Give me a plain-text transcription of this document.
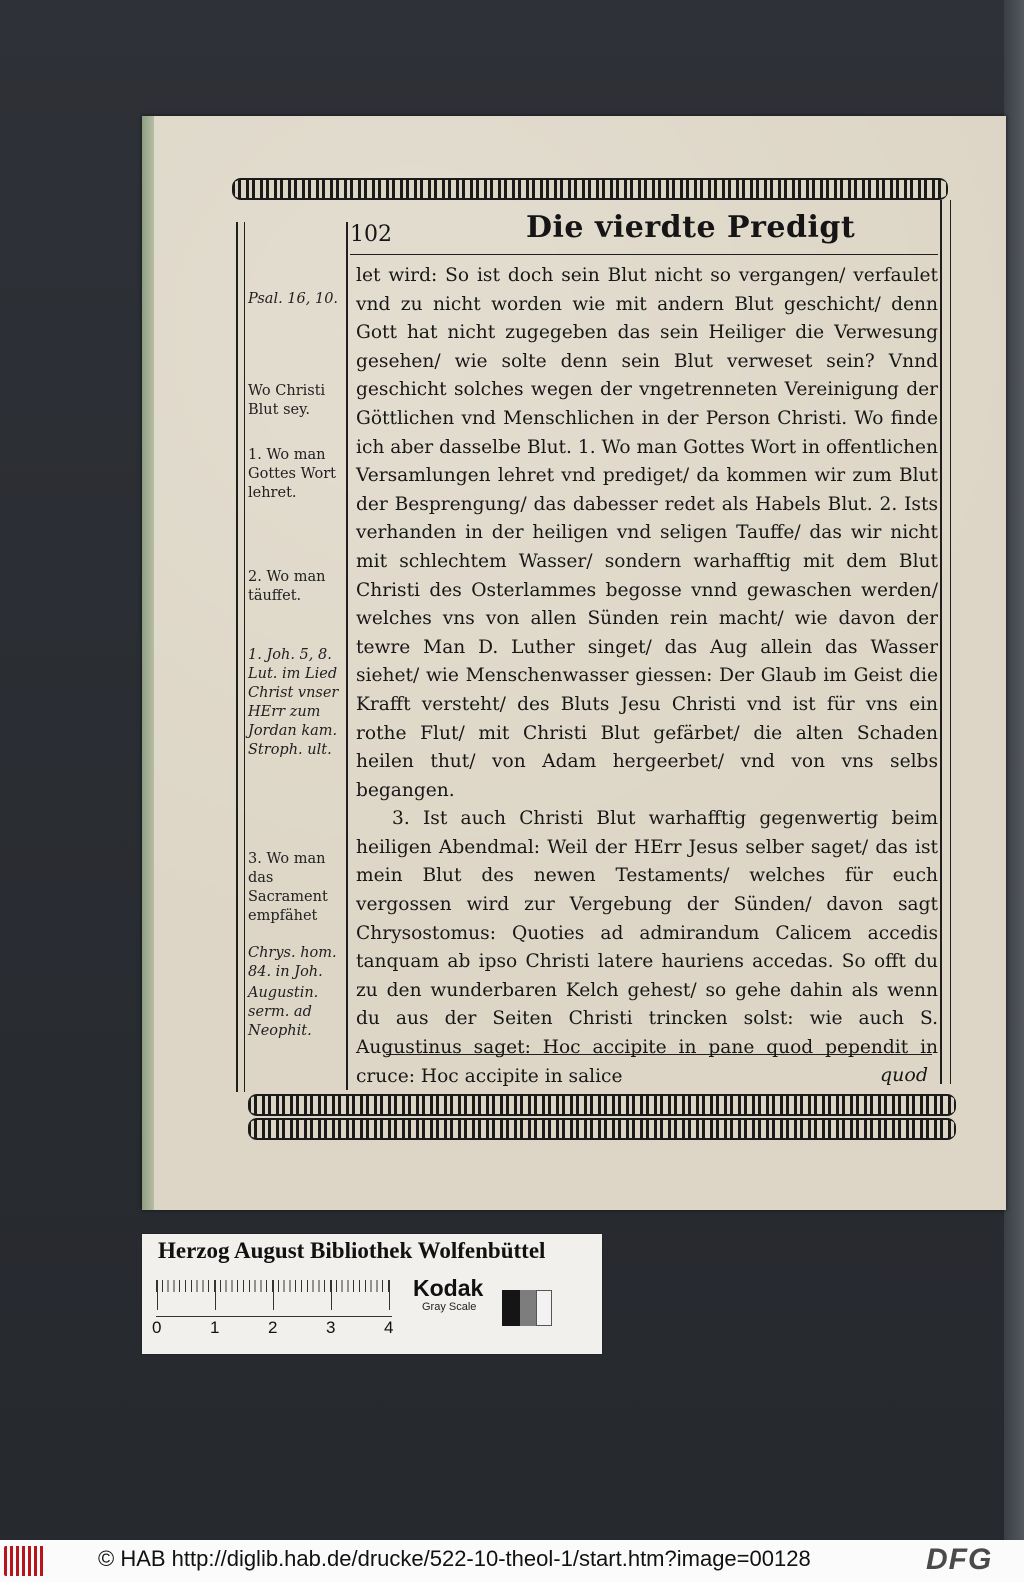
102	Die vierdte Predigt
Psal. 16, 10.
Wo Christi Blut sey.
1. Wo man Gottes Wort lehret.
2. Wo man täuffet.
1. Joh. 5, 8. Lut. im Lied Christ vnser HErr zum Jordan kam. Stroph. ult.
3. Wo man das Sacrament empfähet
Chrys. hom. 84. in Joh.
Augustin. serm. ad Neophit.

let wird: So ist doch sein Blut nicht so vergangen/ verfaulet vnd zu nicht worden wie mit andern Blut geschicht/ denn Gott hat nicht zugegeben das sein Heiliger die Verwesung gesehen/ wie solte denn sein Blut verweset sein? Vnnd geschicht solches wegen der vngetrenneten Vereinigung der Göttlichen vnd Menschlichen in der Person Christi. Wo finde ich aber dasselbe Blut. 1. Wo man Gottes Wort in offentlichen Versamlungen lehret vnd prediget/ da kommen wir zum Blut der Besprengung/ das dabesser redet als Habels Blut. 2. Ists verhanden in der heiligen vnd seligen Tauffe/ das wir nicht mit schlechtem Wasser/ sondern warhafftig mit dem Blut Christi des Osterlammes begosse vnnd gewaschen werden/ welches vns von allen Sünden rein macht/ wie davon der tewre Man D. Luther singet/ das Aug allein das Wasser siehet/ wie Menschenwasser giessen: Der Glaub im Geist die Krafft versteht/ des Bluts Jesu Christi vnd ist für vns ein rothe Flut/ mit Christi Blut gefärbet/ die alten Schaden heilen thut/ von Adam hergeerbet/ vnd von vns selbs begangen.

3. Ist auch Christi Blut warhafftig gegenwertig beim heiligen Abendmal: Weil der HErr Jesus selber saget/ das ist mein Blut des newen Testaments/ welches für euch vergossen wird zur Vergebung der Sünden/ davon sagt Chrysostomus: Quoties ad admirandum Calicem accedis tanquam ab ipso Christi latere hauriens accedas. So offt du zu den wunderbaren Kelch gehest/ so gehe dahin als wenn du aus der Seiten Christi trincken solst: wie auch S. Augustinus saget: Hoc accipite in pane quod pependit in cruce: Hoc accipite in salice	quod
Herzog August Bibliothek Wolfenbüttel
0	1	2	3	4
Kodak
Gray Scale
© HAB http://diglib.hab.de/drucke/522-10-theol-1/start.htm?image=00128	DFG
